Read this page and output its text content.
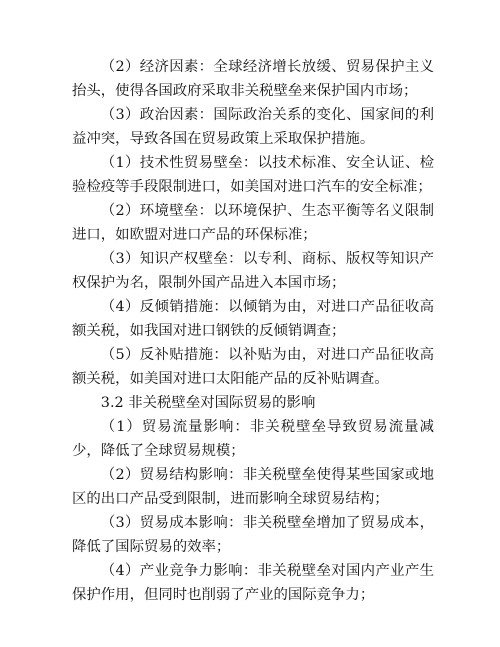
（2）经济因素：全球经济增长放缓、贸易保护主义抬头，使得各国政府采取非关税壁垒来保护国内市场；

（3）政治因素：国际政治关系的变化、国家间的利益冲突，导致各国在贸易政策上采取保护措施。

（1）技术性贸易壁垒：以技术标准、安全认证、检验检疫等手段限制进口，如美国对进口汽车的安全标准；

（2）环境壁垒：以环境保护、生态平衡等名义限制进口，如欧盟对进口产品的环保标准；

（3）知识产权壁垒：以专利、商标、版权等知识产权保护为名，限制外国产品进入本国市场；

（4）反倾销措施：以倾销为由，对进口产品征收高额关税，如我国对进口钢铁的反倾销调查；

（5）反补贴措施：以补贴为由，对进口产品征收高额关税，如美国对进口太阳能产品的反补贴调查。

3.2 非关税壁垒对国际贸易的影响

（1）贸易流量影响：非关税壁垒导致贸易流量减少，降低了全球贸易规模；

（2）贸易结构影响：非关税壁垒使得某些国家或地区的出口产品受到限制，进而影响全球贸易结构；

（3）贸易成本影响：非关税壁垒增加了贸易成本，降低了国际贸易的效率；

（4）产业竞争力影响：非关税壁垒对国内产业产生保护作用，但同时也削弱了产业的国际竞争力；
